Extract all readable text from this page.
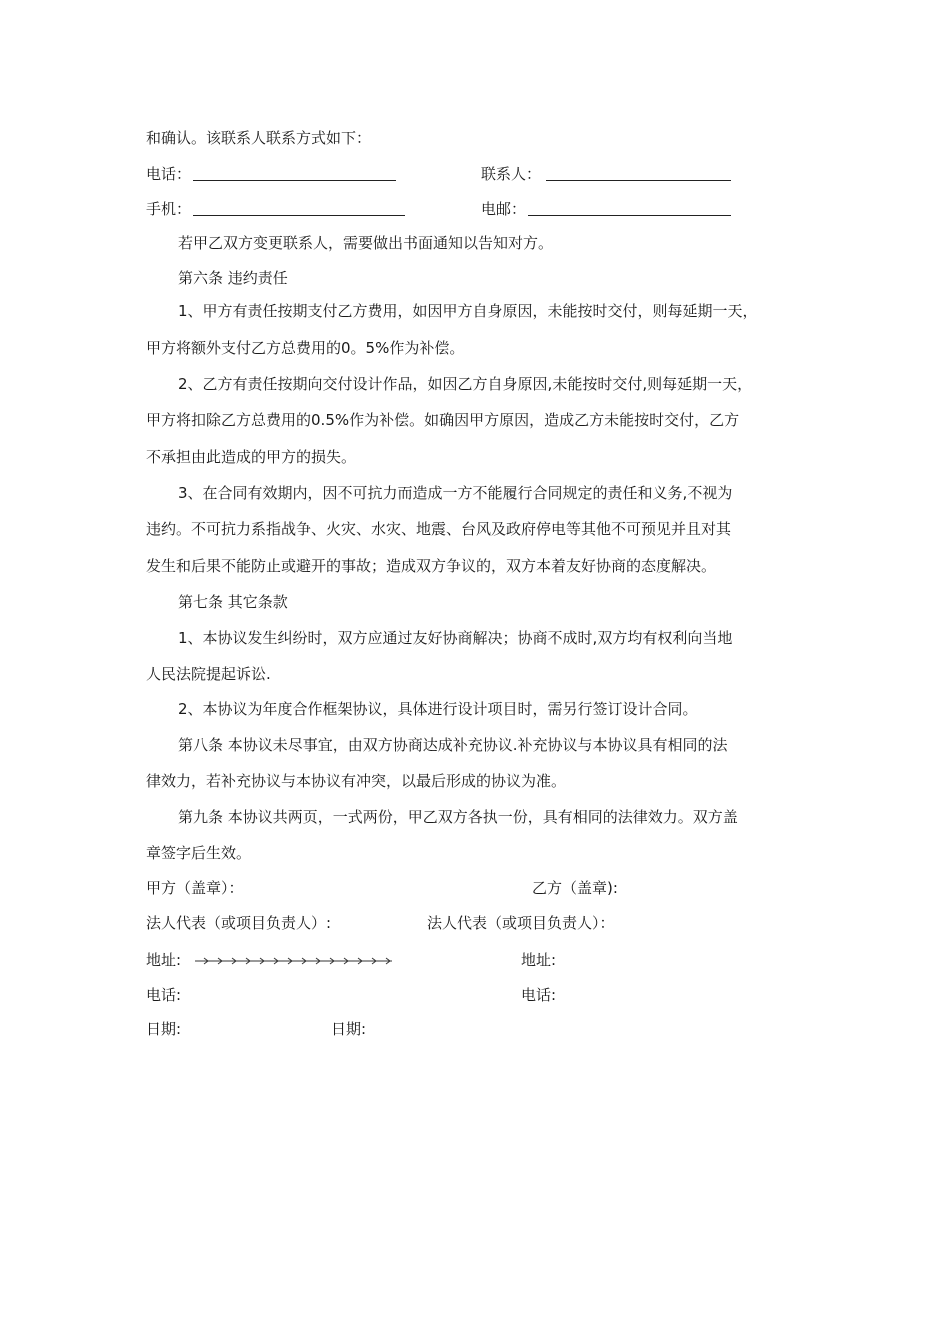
和确认。该联系人联系方式如下：
电话：	联系人：
手机：	电邮：
若甲乙双方变更联系人，需要做出书面通知以告知对方。
第六条 违约责任
1、甲方有责任按期支付乙方费用，如因甲方自身原因，未能按时交付，则每延期一天，
甲方将额外支付乙方总费用的0。5%作为补偿。
2、乙方有责任按期向交付设计作品，如因乙方自身原因,未能按时交付,则每延期一天，
甲方将扣除乙方总费用的0.5%作为补偿。如确因甲方原因，造成乙方未能按时交付，乙方
不承担由此造成的甲方的损失。
3、在合同有效期内，因不可抗力而造成一方不能履行合同规定的责任和义务,不视为
违约。不可抗力系指战争、火灾、水灾、地震、台风及政府停电等其他不可预见并且对其
发生和后果不能防止或避开的事故；造成双方争议的，双方本着友好协商的态度解决。
第七条 其它条款
1、本协议发生纠纷时，双方应通过友好协商解决；协商不成时,双方均有权利向当地
人民法院提起诉讼.
2、本协议为年度合作框架协议，具体进行设计项目时，需另行签订设计合同。
第八条 本协议未尽事宜，由双方协商达成补充协议.补充协议与本协议具有相同的法
律效力，若补充协议与本协议有冲突，以最后形成的协议为准。
第九条 本协议共两页，一式两份，甲乙双方各执一份，具有相同的法律效力。双方盖
章签字后生效。
甲方（盖章）：	乙方（盖章):
法人代表（或项目负责人）:	法人代表（或项目负责人）：
地址:	地址:
电话:	电话:
日期:	日期:
